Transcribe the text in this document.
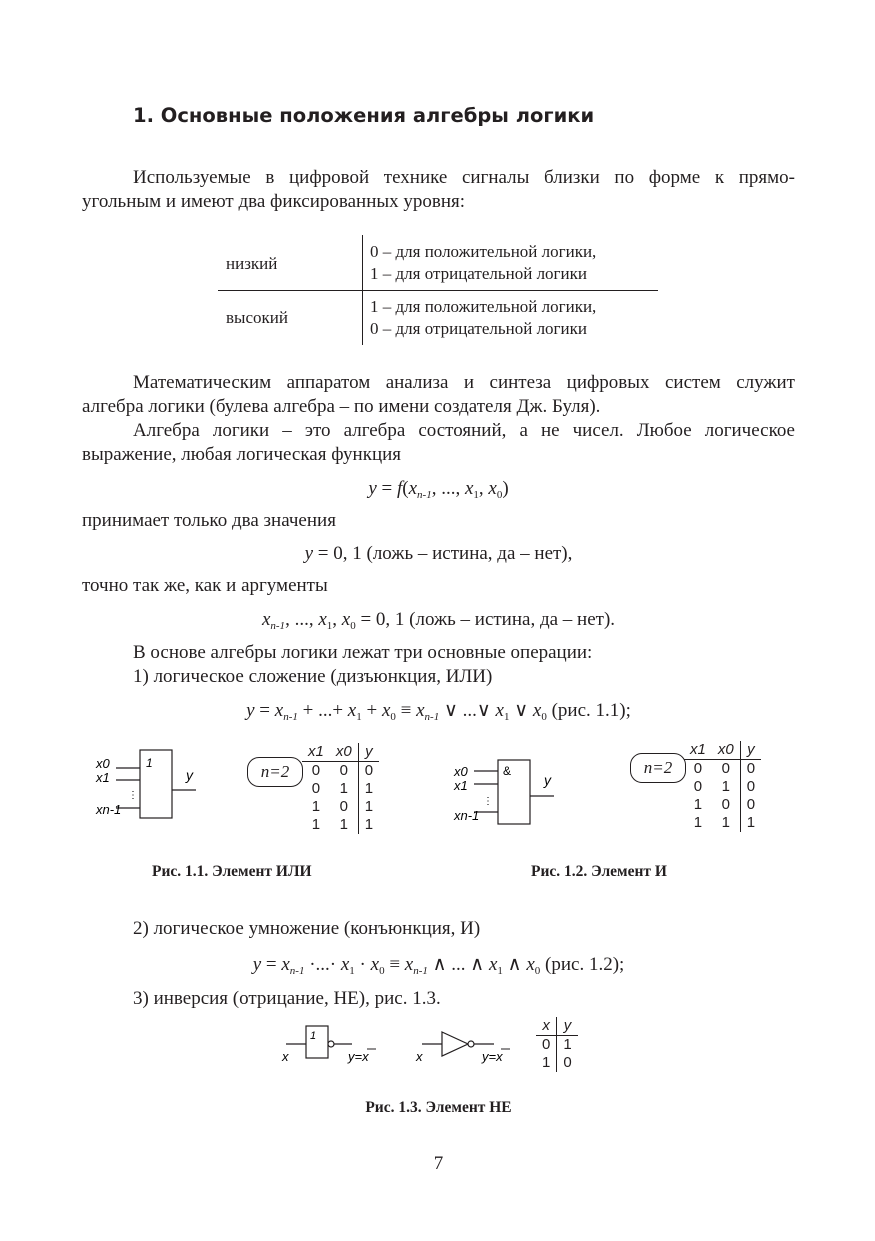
1. Основные положения алгебры логики
Используемые в цифровой технике сигналы близки по форме к прямо-
угольным и имеют два фиксированных уровня:
низкий
0 – для положительной логики,
1 – для отрицательной логики
высокий
1 – для положительной логики,
0 – для отрицательной логики
Математическим аппаратом анализа и синтеза цифровых систем служит
алгебра логики (булева алгебра – по имени создателя Дж. Буля).
Алгебра логики – это алгебра состояний, а не чисел. Любое логическое
выражение, любая логическая функция
$y = f(x_{n-1}$, ..., $x_1$, $x_0$)
принимает только два значения
y = 0, 1 (ложь – истина, да – нет),
точно так же, как и аргументы
$x_{n-1}$, ..., $x_1$, $x_0 = 0$, 1 (ложь – истина, да – нет).
В основе алгебры логики лежат три основные операции:
1) логическое сложение (дизъюнкция, ИЛИ)
$y = x_{n-1}$ + ...+ $x_1 + x_0 \equiv x_{n-1}$ ∨ ...∨ $x_1$ ∨ $x_0$ (рис. 1.1);
1
⋮
x0
x1
xn-1
y	n=2
x1	x0	y
0	0	0
0	1	1
1	0	1
1	1	1
&
⋮
x0
x1
xn-1
y
n=2
x1	x0	y
0	0	0
0	1	0
1	0	0
1	1	1
Рис. 1.1. Элемент ИЛИ	Рис. 1.2. Элемент И
2) логическое умножение (конъюнкция, И)
$y = x_{n-1}$ ·...· $x_1 \cdot x_0 \equiv x_{n-1}$ ∧ ... ∧ $x_1$ ∧ $x_0$ (рис. 1.2);
3) инверсия (отрицание, НЕ), рис. 1.3.
1
x	y=x	x	y=x
x	y
0	1
1	0
Рис. 1.3. Элемент НЕ
7
